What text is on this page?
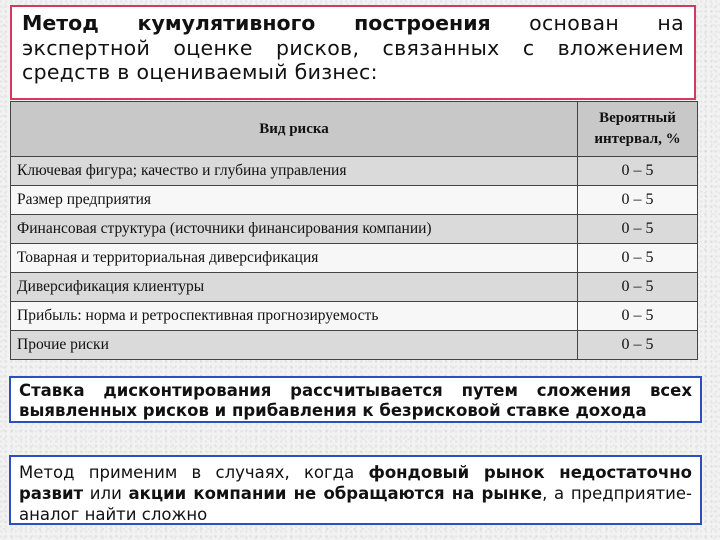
Метод кумулятивного построения основан на экспертной оценке рисков, связанных с вложением средств в оцениваемый бизнес:

Вид риска	Вероятный
интервал, %
Ключевая фигура; качество и глубина управления	0 – 5
Размер предприятия	0 – 5
Финансовая структура (источники финансирования компании)	0 – 5
Товарная и территориальная диверсификация	0 – 5
Диверсификация клиентуры	0 – 5
Прибыль: норма и ретроспективная прогнозируемость	0 – 5
Прочие риски	0 – 5

Ставка дисконтирования рассчитывается путем сложения всех выявленных рисков и прибавления к безрисковой ставке дохода

Метод применим в случаях, когда фондовый рынок недостаточно развит или акции компании не обращаются на рынке, а предприятие-аналог найти сложно
